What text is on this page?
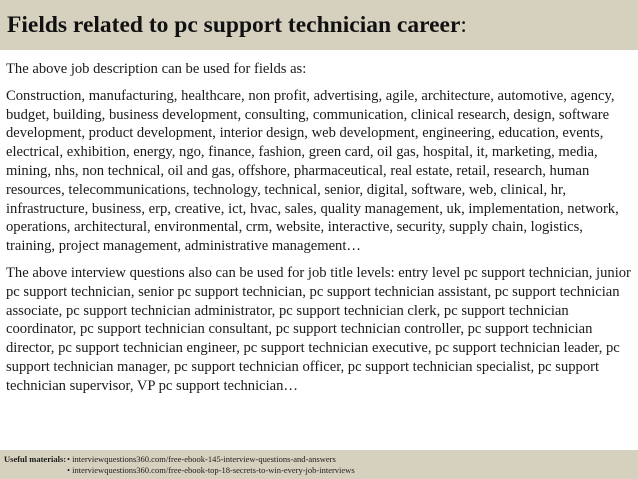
Fields related to pc support technician career:

The above job description can be used for fields as:

Construction, manufacturing, healthcare, non profit, advertising, agile, architecture, automotive, agency, budget, building, business development, consulting, communication, clinical research, design, software development, product development, interior design, web development, engineering, education, events, electrical, exhibition, energy, ngo, finance, fashion, green card, oil gas, hospital, it, marketing, media, mining, nhs, non technical, oil and gas, offshore, pharmaceutical, real estate, retail, research, human resources, telecommunications, technology, technical, senior, digital, software, web, clinical, hr, infrastructure, business, erp, creative, ict, hvac, sales, quality management, uk, implementation, network, operations, architectural, environmental, crm, website, interactive, security, supply chain, logistics, training, project management, administrative management…

The above interview questions also can be used for job title levels: entry level pc support technician, junior pc support technician, senior pc support technician, pc support technician assistant, pc support technician associate, pc support technician administrator, pc support technician clerk, pc support technician coordinator, pc support technician consultant, pc support technician controller, pc support technician director, pc support technician engineer, pc support technician executive, pc support technician leader, pc support technician manager, pc support technician officer, pc support technician specialist, pc support technician supervisor, VP pc support technician…

Useful materials: • interviewquestions360.com/free-ebook-145-interview-questions-and-answers
• interviewquestions360.com/free-ebook-top-18-secrets-to-win-every-job-interviews
